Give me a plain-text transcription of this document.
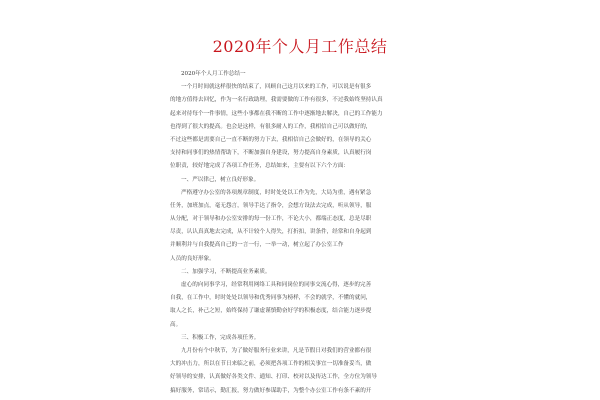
2020年个人月工作总结
2020年个人月工作总结一
一个月时间就这样很快的结束了，回顾自己这月以来的工作，可以说是有很多
的地方值得去回忆，作为一名行政助理，我需要做的工作有很多，不过我始终坚持认真
起来对待每个一件事情，这些小事都在我不断的工作中逐渐地去解决，自己的工作能力
也得到了很大的提高。也会是这样，有很多耐人的工作，我相信自己可以做好的，
不过这些都是需要自己一直不断的努力下去，我相信自己会做好的，在领导的关心
支持和同事们的热情帮助下，不断加强自身建设，努力提高自身素质，认真履行岗
位职责，较好地完成了各项工作任务，总结如来，主要有以下六个方面：
一、严以律己，树立良好形象。
严格遵守办公室的各项规章制度，时时处处以工作为先，大局为重，遇有紧急
任务，加班加点，毫无怨言，领导手达了指令，会想方设法去完成，听从领导，服
从分配，对于领导和办公室安排的每一份工作，不论大小，都端正态度，总是尽职
尽责，认认真真地去完成，从不计较个人得失，打折扣，讲条件，经常和自身起到
并顺利并与自我提高自己的一言一行，一举一动，树立起了办公室工作
人员的良好形象。
二、加强学习，不断提高业务素质。
虚心的向同事学习，经常利用网络工具和同岗位的同事交流心得，逐步的完善
自我，在工作中，时时处处以领导和优秀同事为榜样，不会的就学，不懂的就问，
取人之长，补己之短，始终保持了谦虚谨慎勤奋好学的积极态度，结合能力逐步提
高。
三、积极工作，完成各项任务。
九月份有个中秋节，为了做好服务行业来讲，凡是节假日对我们的营业都有很
大的冲击力，所以在节日来临之前，必须把各项工作的相关事宜一切准备妥当，做
好领导的安排，认真做好各类文件、通知、打印、校对以及传达工作，全方位为领导
搞好服务，常请示，勤汇报，努力做好参谋助手，为整个办公室工作有条不紊的开
